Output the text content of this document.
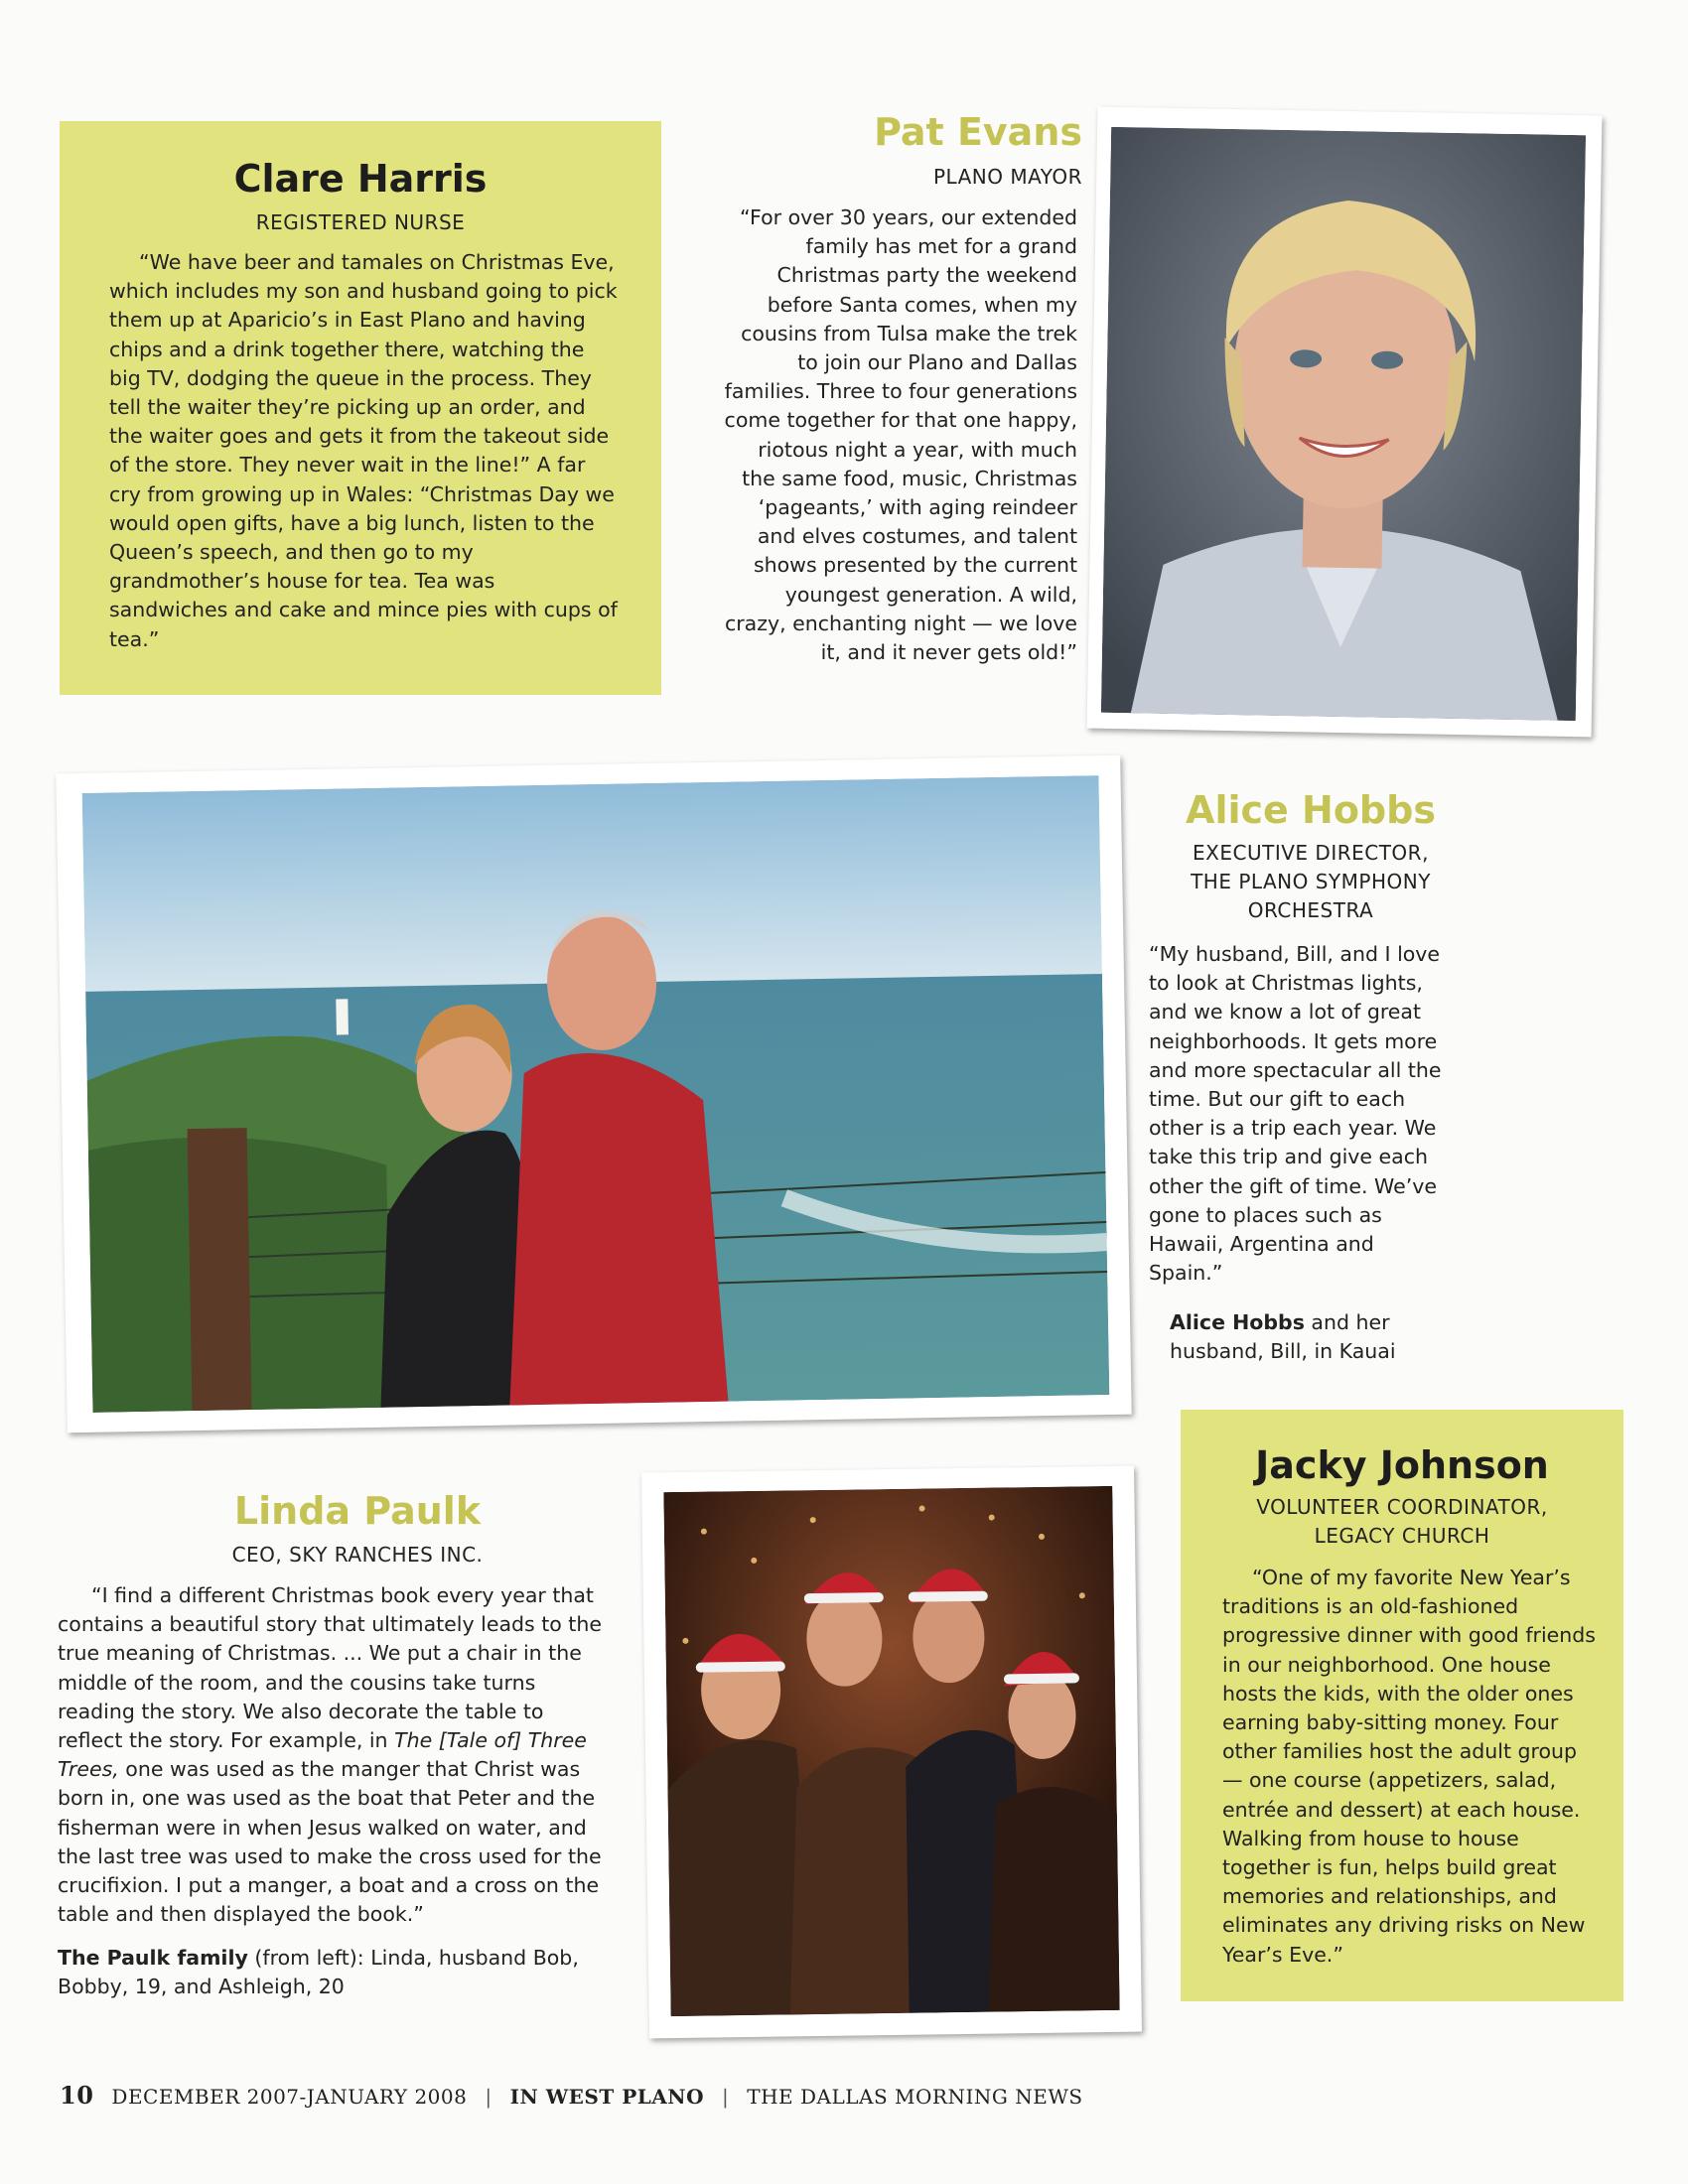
Clare Harris
REGISTERED NURSE
“We have beer and tamales on Christmas Eve, which includes my son and husband going to pick them up at Aparicio’s in East Plano and having chips and a drink together there, watching the big TV, dodging the queue in the process. They tell the waiter they’re picking up an order, and the waiter goes and gets it from the takeout side of the store. They never wait in the line!” A far cry from growing up in Wales: “Christmas Day we would open gifts, have a big lunch, listen to the Queen’s speech, and then go to my grandmother’s house for tea. Tea was sandwiches and cake and mince pies with cups of tea.”
Pat Evans
PLANO MAYOR
“For over 30 years, our extended family has met for a grand Christmas party the weekend before Santa comes, when my cousins from Tulsa make the trek to join our Plano and Dallas families. Three to four generations come together for that one happy, riotous night a year, with much the same food, music, Christmas ‘pageants,’ with aging reindeer and elves costumes, and talent shows presented by the current youngest generation. A wild, crazy, enchanting night — we love it, and it never gets old!”
Alice Hobbs
EXECUTIVE DIRECTOR,
THE PLANO SYMPHONY
ORCHESTRA
“My husband, Bill, and I love to look at Christmas lights, and we know a lot of great neighborhoods. It gets more and more spectacular all the time. But our gift to each other is a trip each year. We take this trip and give each other the gift of time. We’ve gone to places such as Hawaii, Argentina and Spain.”
Alice Hobbs and her husband, Bill, in Kauai
Linda Paulk
CEO, SKY RANCHES INC.
“I find a different Christmas book every year that contains a beautiful story that ultimately leads to the true meaning of Christmas. ... We put a chair in the middle of the room, and the cousins take turns reading the story. We also decorate the table to reflect the story. For example, in The [Tale of] Three Trees, one was used as the manger that Christ was born in, one was used as the boat that Peter and the fisherman were in when Jesus walked on water, and the last tree was used to make the cross used for the crucifixion. I put a manger, a boat and a cross on the table and then displayed the book.”
The Paulk family (from left): Linda, husband Bob, Bobby, 19, and Ashleigh, 20
Jacky Johnson
VOLUNTEER COORDINATOR,
LEGACY CHURCH
“One of my favorite New Year’s traditions is an old-fashioned progressive dinner with good friends in our neighborhood. One house hosts the kids, with the older ones earning baby-sitting money. Four other families host the adult group — one course (appetizers, salad, entrée and dessert) at each house. Walking from house to house together is fun, helps build great memories and relationships, and eliminates any driving risks on New Year’s Eve.”
10 DECEMBER 2007-JANUARY 2008 | IN WEST PLANO | THE DALLAS MORNING NEWS
